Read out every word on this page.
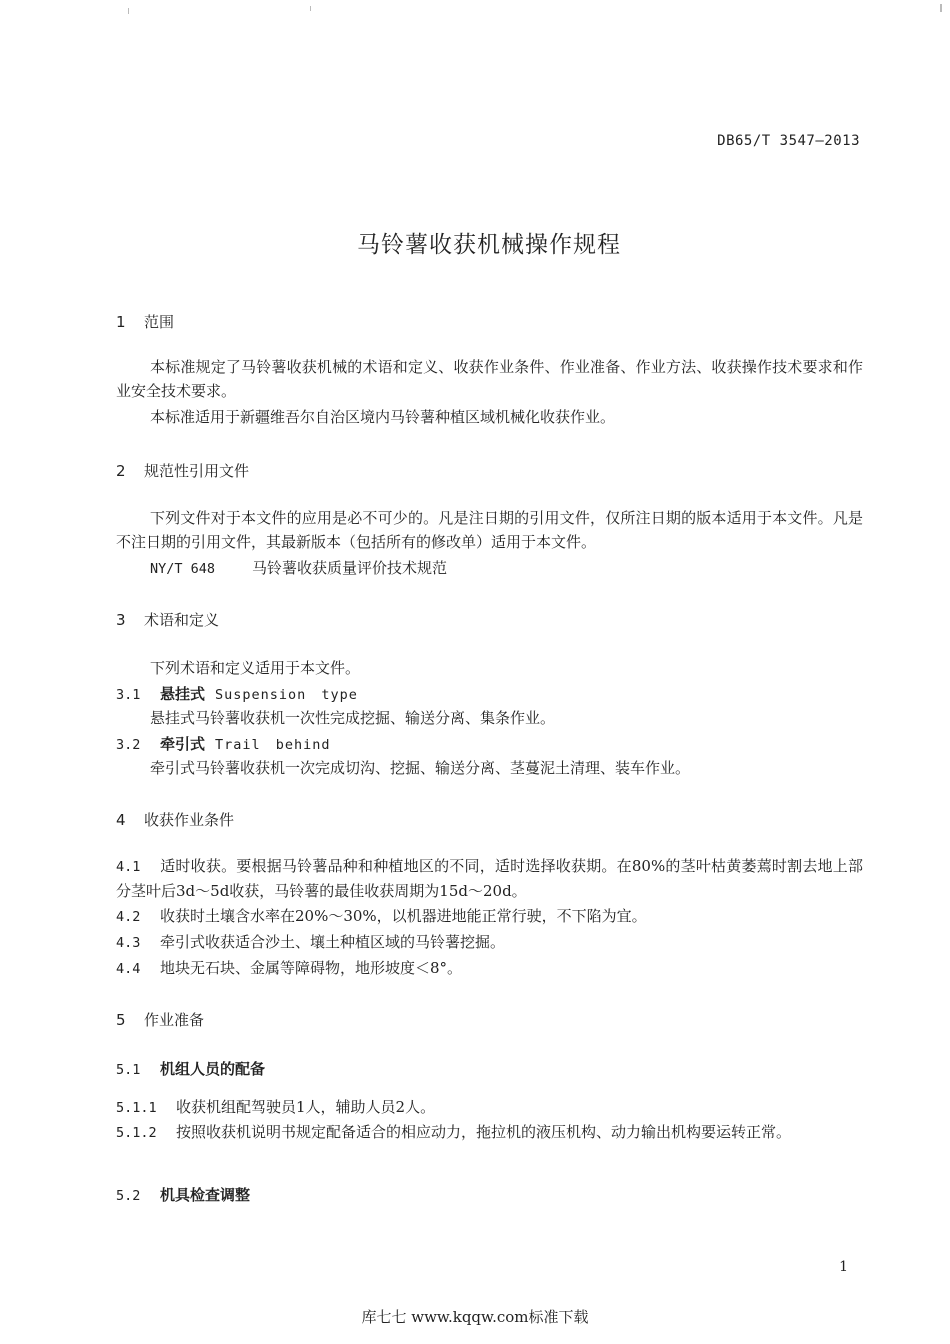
DB65/T 3547—2013
马铃薯收获机械操作规程
1 范围
本标准规定了马铃薯收获机械的术语和定义、收获作业条件、作业准备、作业方法、收获操作技术要求和作业安全技术要求。
本标准适用于新疆维吾尔自治区境内马铃薯种植区域机械化收获作业。
2 规范性引用文件
下列文件对于本文件的应用是必不可少的。凡是注日期的引用文件，仅所注日期的版本适用于本文件。凡是不注日期的引用文件，其最新版本（包括所有的修改单）适用于本文件。
NY/T 648 马铃薯收获质量评价技术规范
3 术语和定义
下列术语和定义适用于本文件。
3.1 悬挂式 Suspension type
悬挂式马铃薯收获机一次性完成挖掘、输送分离、集条作业。
3.2 牵引式 Trail behind
牵引式马铃薯收获机一次完成切沟、挖掘、输送分离、茎蔓泥土清理、装车作业。
4 收获作业条件
4.1 适时收获。要根据马铃薯品种和种植地区的不同，适时选择收获期。在80%的茎叶枯黄萎蔫时割去地上部分茎叶后3d～5d收获，马铃薯的最佳收获周期为15d～20d。
4.2 收获时土壤含水率在20%～30%，以机器进地能正常行驶，不下陷为宜。
4.3 牵引式收获适合沙土、壤土种植区域的马铃薯挖掘。
4.4 地块无石块、金属等障碍物，地形坡度＜8°。
5 作业准备
5.1 机组人员的配备
5.1.1 收获机组配驾驶员1人，辅助人员2人。
5.1.2 按照收获机说明书规定配备适合的相应动力，拖拉机的液压机构、动力输出机构要运转正常。
5.2 机具检查调整
1
库七七 www.kqqw.com标准下载
